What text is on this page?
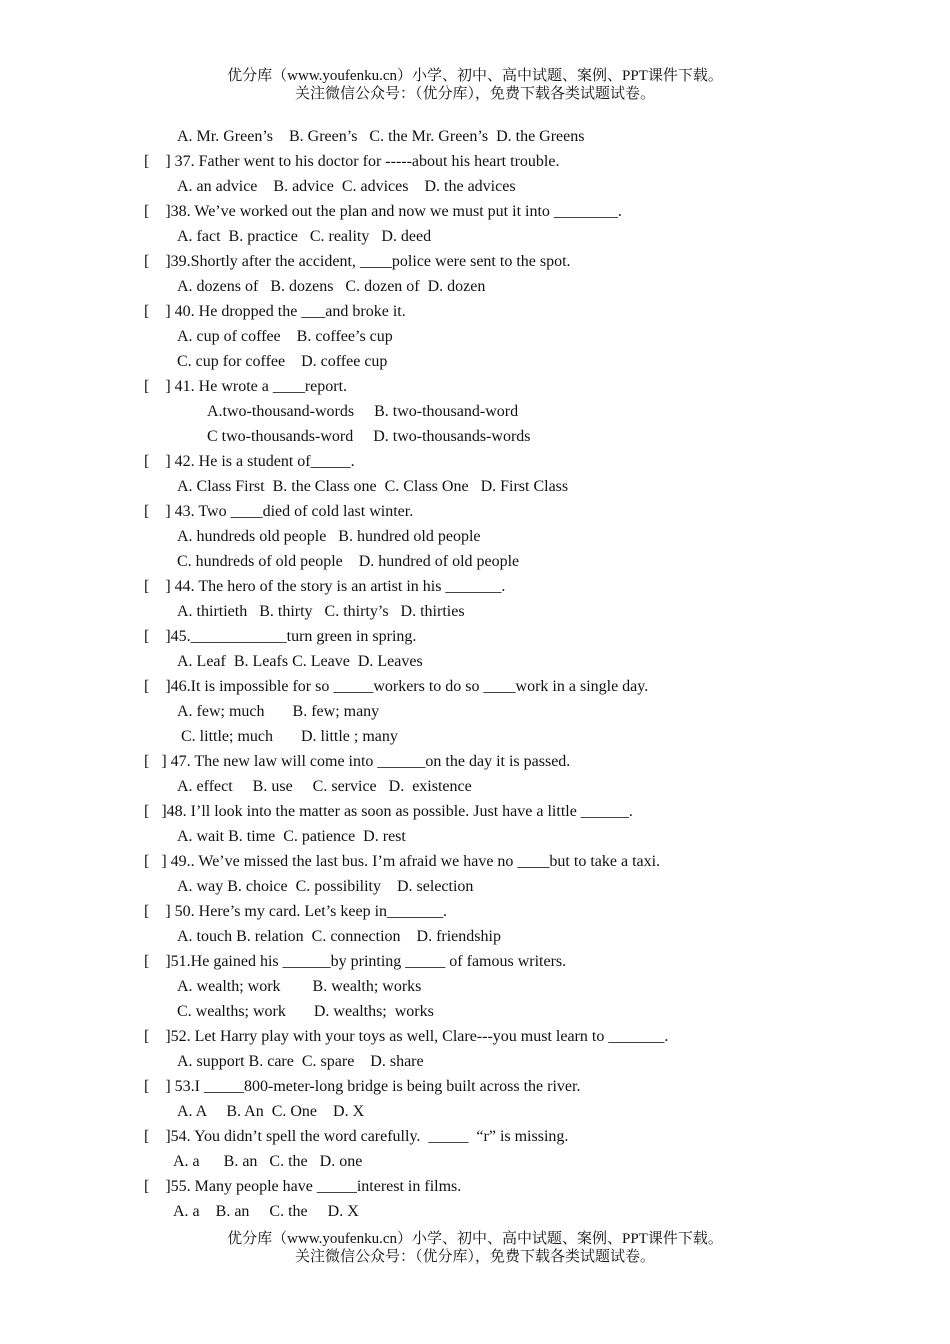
优分库（www.youfenku.cn）小学、初中、高中试题、案例、PPT课件下载。
关注微信公众号：（优分库），免费下载各类试题试卷。
A. Mr. Green’s    B. Green’s   C. the Mr. Green’s  D. the Greens
[    ] 37. Father went to his doctor for -----about his heart trouble.
A. an advice    B. advice  C. advices    D. the advices
[    ]38. We’ve worked out the plan and now we must put it into ________.
A. fact  B. practice   C. reality   D. deed
[    ]39.Shortly after the accident, ____police were sent to the spot.
A. dozens of   B. dozens   C. dozen of  D. dozen
[    ] 40. He dropped the ___and broke it.
A. cup of coffee    B. coffee’s cup
C. cup for coffee    D. coffee cup
[    ] 41. He wrote a ____report.
A.two-thousand-words     B. two-thousand-word
C two-thousands-word     D. two-thousands-words
[    ] 42. He is a student of_____.
A. Class First  B. the Class one  C. Class One   D. First Class
[    ] 43. Two ____died of cold last winter.
A. hundreds old people   B. hundred old people
C. hundreds of old people    D. hundred of old people
[    ] 44. The hero of the story is an artist in his _______.
A. thirtieth   B. thirty   C. thirty’s   D. thirties
[    ]45.____________turn green in spring.
A. Leaf  B. Leafs C. Leave  D. Leaves
[    ]46.It is impossible for so _____workers to do so ____work in a single day.
A. few; much       B. few; many
C. little; much       D. little ; many
[   ] 47. The new law will come into ______on the day it is passed.
A. effect     B. use     C. service   D.  existence
[   ]48. I’ll look into the matter as soon as possible. Just have a little ______.
A. wait B. time  C. patience  D. rest
[   ] 49.. We’ve missed the last bus. I’m afraid we have no ____but to take a taxi.
A. way B. choice  C. possibility    D. selection
[    ] 50. Here’s my card. Let’s keep in_______.
A. touch B. relation  C. connection    D. friendship
[    ]51.He gained his ______by printing _____ of famous writers.
A. wealth; work        B. wealth; works
C. wealths; work       D. wealths;  works
[    ]52. Let Harry play with your toys as well, Clare---you must learn to _______.
A. support B. care  C. spare    D. share
[    ] 53.I _____800-meter-long bridge is being built across the river.
A. A     B. An  C. One    D. X
[    ]54. You didn’t spell the word carefully.  _____  “r” is missing.
A. a      B. an   C. the   D. one
[    ]55. Many people have _____interest in films.
A. a    B. an     C. the     D. X
优分库（www.youfenku.cn）小学、初中、高中试题、案例、PPT课件下载。
关注微信公众号：（优分库），免费下载各类试题试卷。
